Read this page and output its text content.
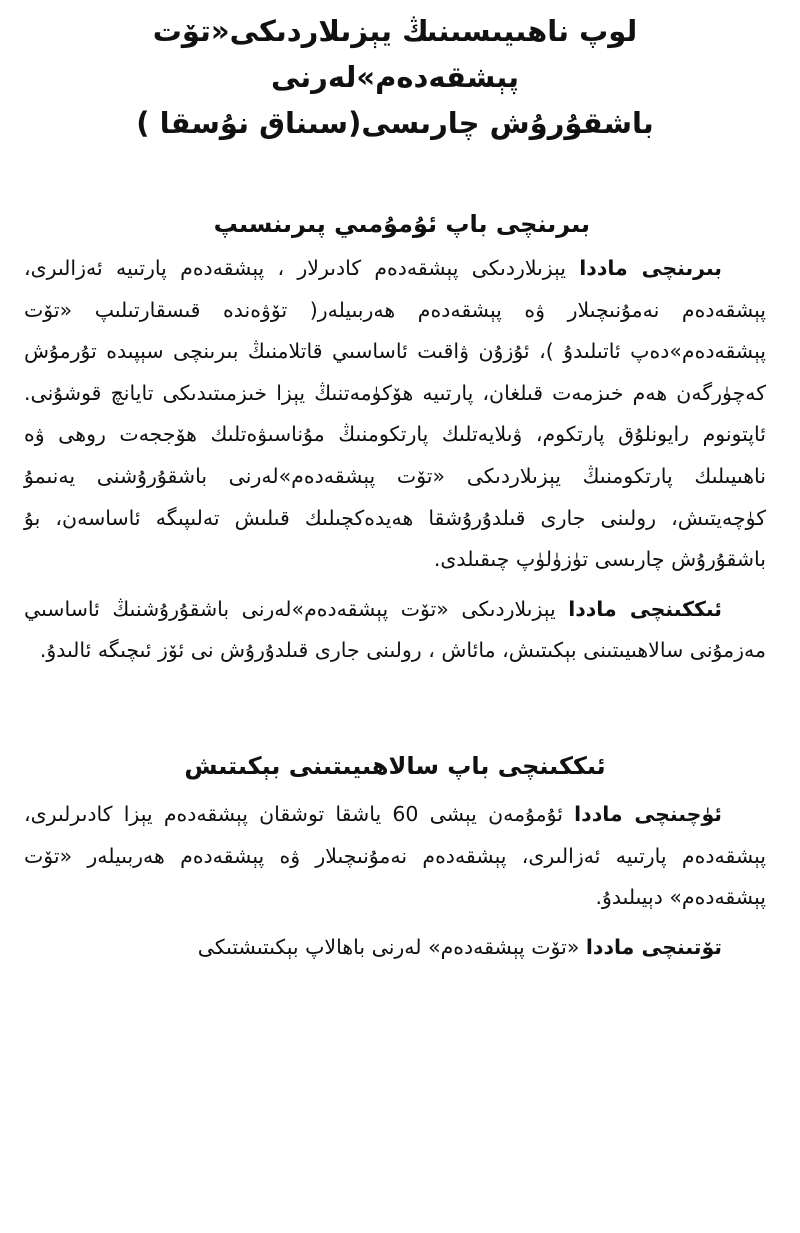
لوپ ناھىيىسىنىڭ يېزىلاردىكى«تۆت پېشقەدەم»لەرنى
باشقۇرۇش چارىسى(سىناق نۇسقا )
بىرىنچى باپ ئۇمۇمىي پىرىنسىپ

بىرىنچى ماددا يېزىلاردىكى پېشقەدەم كادىرلار ، پېشقەدەم پارتىيە ئەزالىرى، پېشقەدەم نەمۇنىچىلار ۋە پېشقەدەم ھەربىيلەر( تۆۋەندە قىسقارتىلىپ «تۆت پېشقەدەم»دەپ ئاتىلىدۇ )، ئۇزۇن ۋاقىت ئاساسىي قاتلامنىڭ بىرىنچى سېپىدە تۇرمۇش كەچۈرگەن ھەم خىزمەت قىلغان، پارتىيە ھۆكۈمەتنىڭ يېزا خىزمىتىدىكى تايانچ قوشۇنى. ئاپتونوم رايونلۇق پارتكوم، ۋىلايەتلىك پارتكومنىڭ مۇناسىۋەتلىك ھۆججەت روھى ۋە ناھىيىلىك پارتكومنىڭ يېزىلاردىكى «تۆت پېشقەدەم»لەرنى باشقۇرۇشنى يەنىمۇ كۈچەيتىش، رولىنى جارى قىلدۇرۇشقا ھەيدەكچىلىك قىلىش تەلىپىگە ئاساسەن، بۇ باشقۇرۇش چارىسى تۈزۈلۈپ چىقىلدى.

ئىككىنچى ماددا يېزىلاردىكى «تۆت پېشقەدەم»لەرنى باشقۇرۇشنىڭ ئاساسىي مەزمۇنى سالاھىيىتىنى بېكىتىش، مائاش ، رولىنى جارى قىلدۇرۇش نى ئۆز ئىچىگە ئالىدۇ.

ئىككىنچى باپ سالاھىيىتىنى بېكىتىش

ئۈچىنچى ماددا ئۇمۇمەن يېشى 60 ياشقا توشقان پېشقەدەم يېزا كادىرلىرى، پېشقەدەم پارتىيە ئەزالىرى، پېشقەدەم نەمۇنىچىلار ۋە پېشقەدەم ھەربىيلەر «تۆت پېشقەدەم» دېيىلىدۇ.

تۆتىنچى ماددا «تۆت پېشقەدەم» لەرنى باھالاپ بېكىتىشتىكى
